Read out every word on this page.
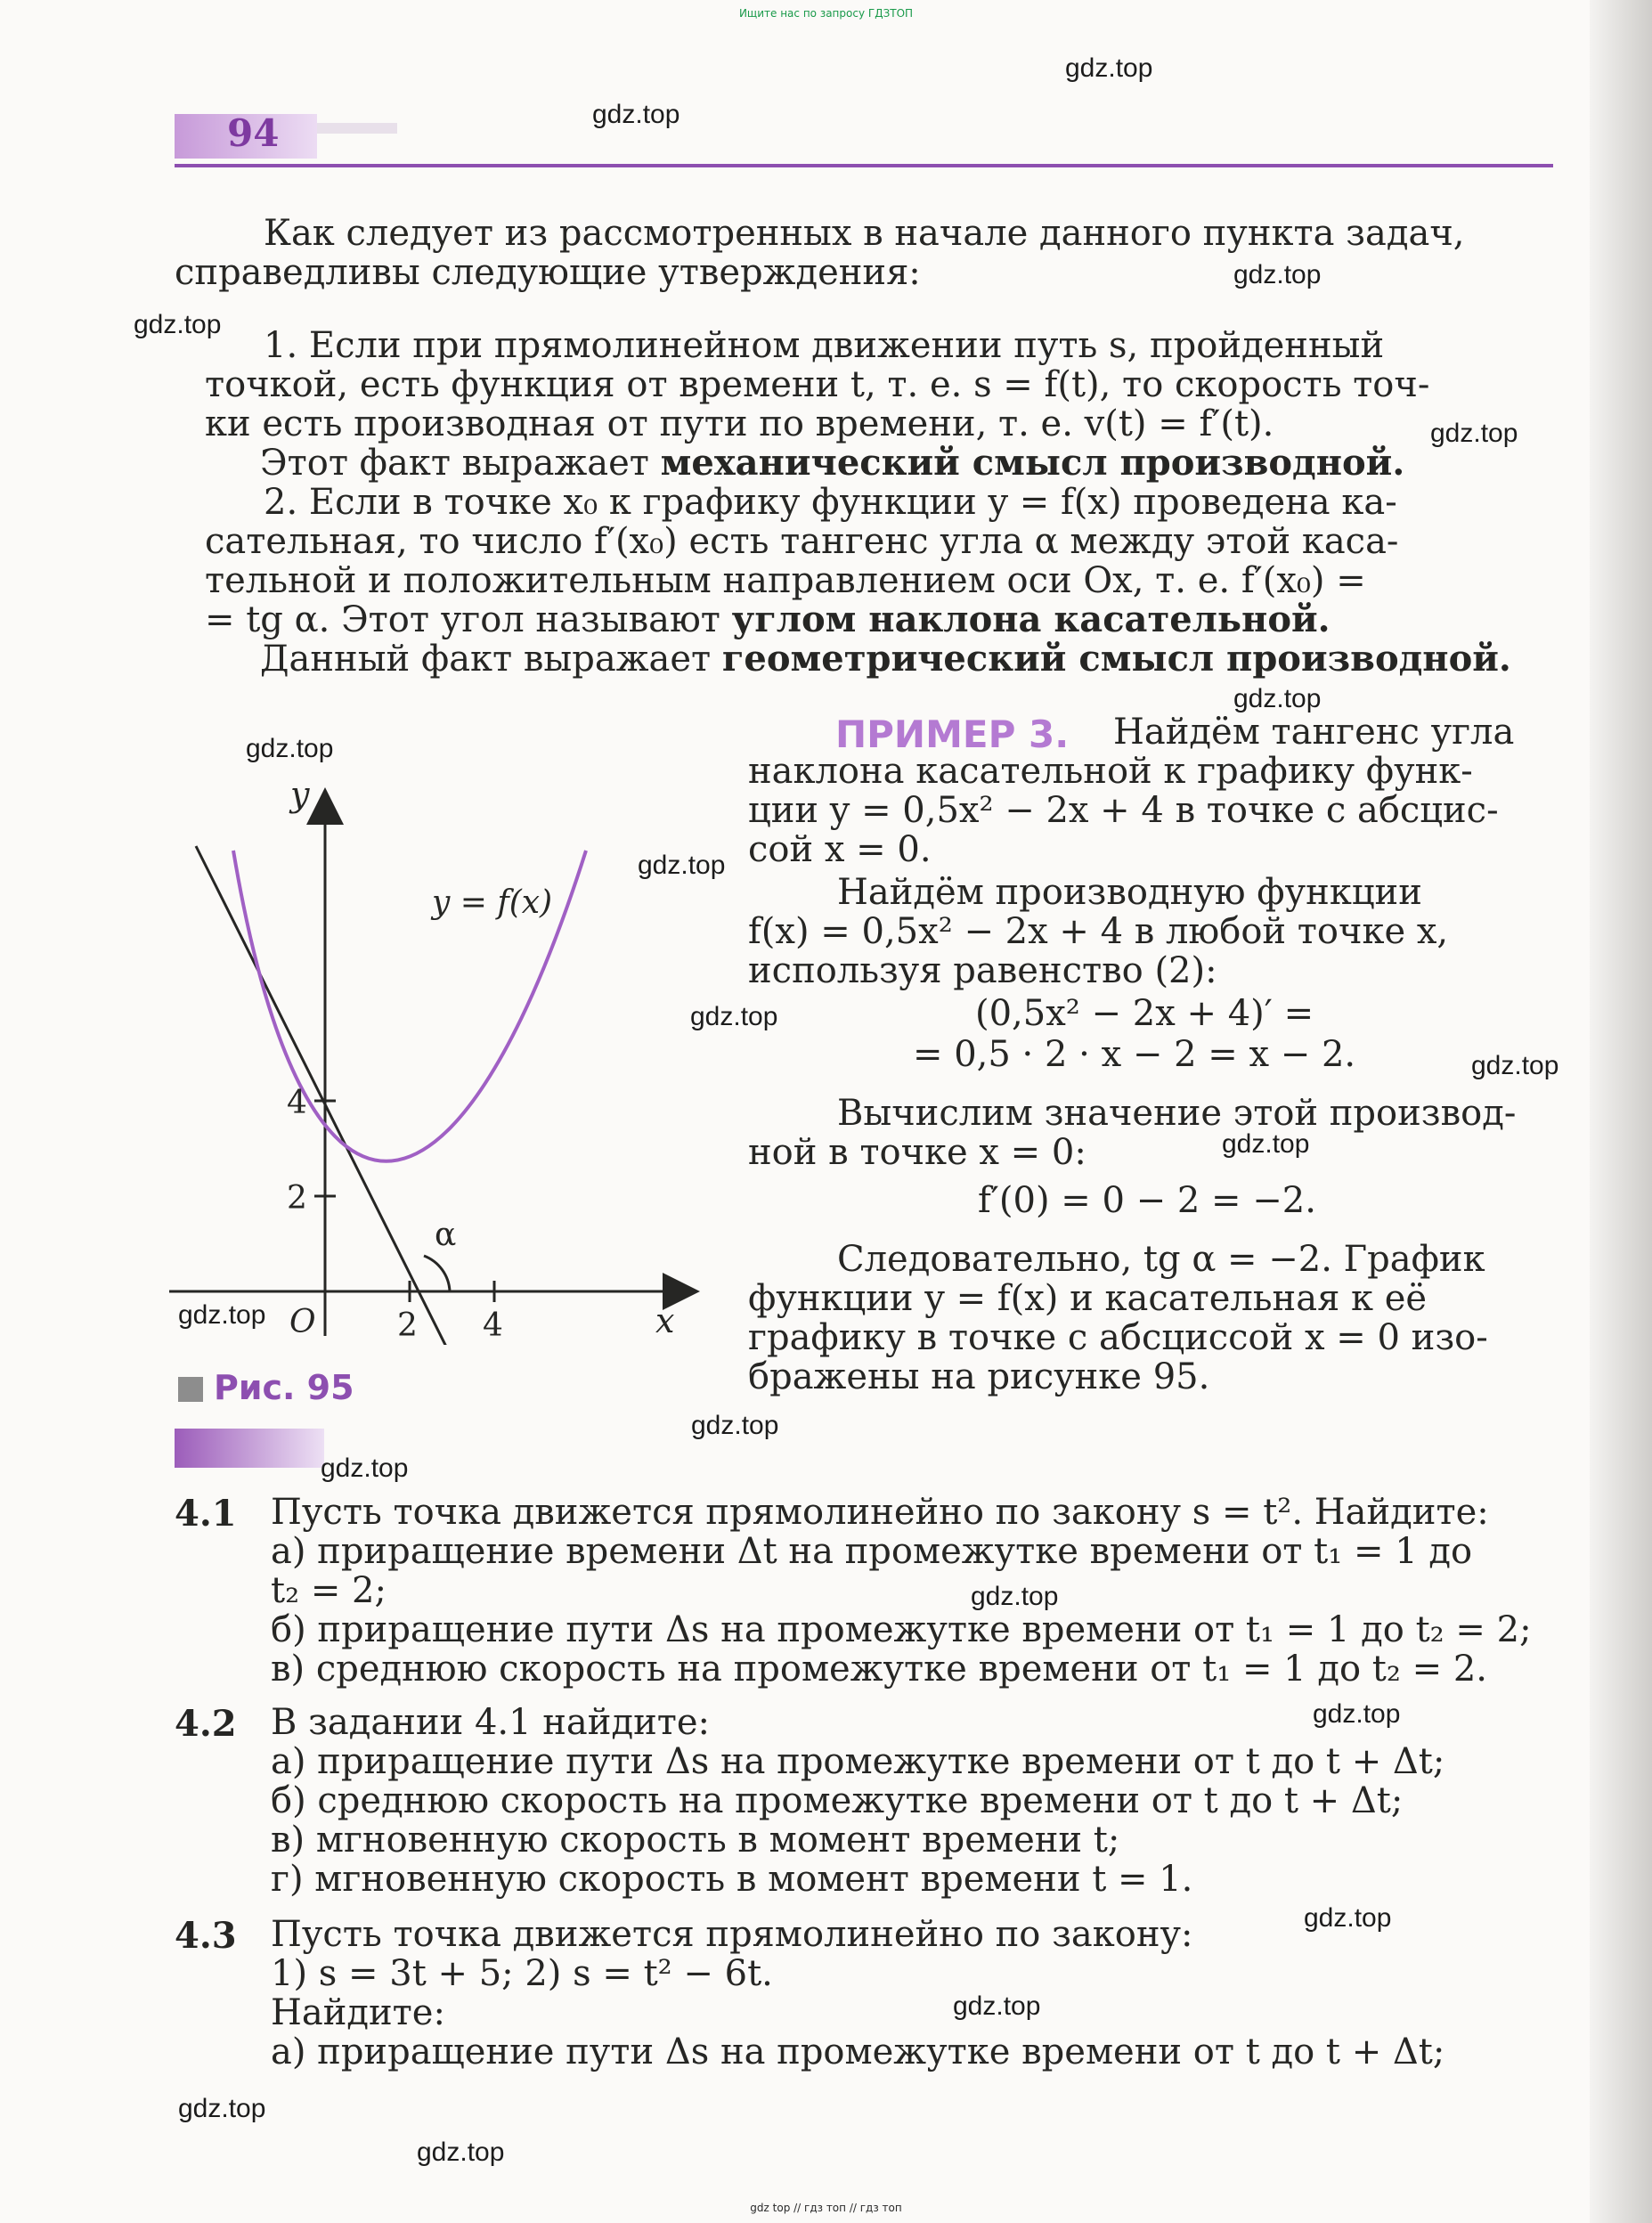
Ищите нас по запросу ГДЗТОП
94
Как следует из рассмотренных в начале данного пункта задач,
справедливы следующие утверждения:
1. Если при прямолинейном движении путь s, пройденный
точкой, есть функция от времени t, т. е. s = f(t), то скорость точ-
ки есть производная от пути по времени, т. е. v(t) = f′(t).
Этот факт выражает механический смысл производной.
2. Если в точке x₀ к графику функции y = f(x) проведена ка-
сательная, то число f′(x₀) есть тангенс угла α между этой каса-
тельной и положительным направлением оси Ox, т. е. f′(x₀) =
= tg α. Этот угол называют углом наклона касательной.
Данный факт выражает геометрический смысл производной.
ПРИМЕР 3. Найдём тангенс угла
наклона касательной к графику функ-
ции y = 0,5x² − 2x + 4 в точке с абсцис-
сой x = 0.
Найдём производную функции
f(x) = 0,5x² − 2x + 4 в любой точке x,
используя равенство (2):
(0,5x² − 2x + 4)′ =
= 0,5 · 2 · x − 2 = x − 2.
Вычислим значение этой производ-
ной в точке x = 0:
f′(0) = 0 − 2 = −2.
Следовательно, tg α = −2. График
функции y = f(x) и касательная к её
графику в точке с абсциссой x = 0 изо-
бражены на рисунке 95.
y
x
O	2 4
4
2
α
y = f(x)
Рис. 95
4.1 Пусть точка движется прямолинейно по закону s = t². Найдите:
а) приращение времени Δt на промежутке времени от t₁ = 1 до
t₂ = 2;
б) приращение пути Δs на промежутке времени от t₁ = 1 до t₂ = 2;
в) среднюю скорость на промежутке времени от t₁ = 1 до t₂ = 2.
4.2 В задании 4.1 найдите:
а) приращение пути Δs на промежутке времени от t до t + Δt;
б) среднюю скорость на промежутке времени от t до t + Δt;
в) мгновенную скорость в момент времени t;
г) мгновенную скорость в момент времени t = 1.
4.3 Пусть точка движется прямолинейно по закону:
1) s = 3t + 5; 2) s = t² − 6t.
Найдите:
а) приращение пути Δs на промежутке времени от t до t + Δt;
gdz.top
gdz.top
gdz.top
gdz.top
gdz.top
gdz.top
gdz.top
gdz.top
gdz.top
gdz.top
gdz.top
gdz.top
gdz.top
gdz.top
gdz.top
gdz.top
gdz.top
gdz.top
gdz.top
gdz.top
gdz top // гдз топ // гдз топ
